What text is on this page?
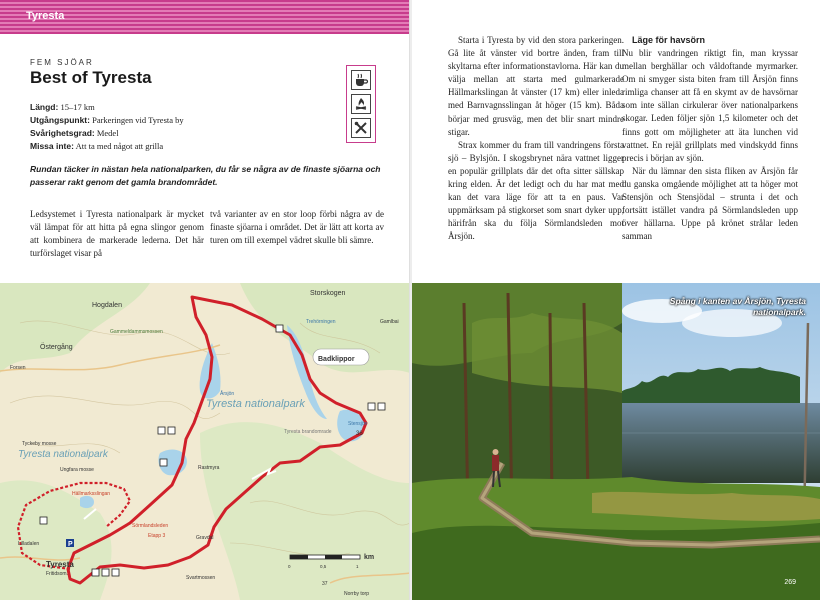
Tyresta
FEM SJÖAR
Best of Tyresta
Längd: 15–17 km
Utgångspunkt: Parkeringen vid Tyresta by
Svårighetsgrad: Medel
Missa inte: Att ta med något att grilla
Rundan täcker in nästan hela nationalparken, du får se några av de finaste sjöarna och passerar rakt genom det gamla brandområdet.

Ledsystemet i Tyresta nationalpark är mycket väl lämpat för att hitta på egna slingor genom att kombinera de markerade lederna. Det här turförslaget visar på

två varianter av en stor loop förbi några av de finaste sjöarna i området. Det är lätt att korta av turen om till exempel vädret skulle bli sämre.

P
Storskogen
Hogdalen
Östergång
Gammeldammsmossen
Forsen
Trehörningen
Årsjön
Tyresta nationalpark
Tyresta nationalpark
Badklippor
Stensjön
36
Tyckeby mosse
Ungfara mosse
Hällmarksslingan
Lilladalen
Tyresta
Fritidsom.
Sörmlandsleden
Etapp 3
Tyresta brandomrade
Rastmyra
Gravdal
Gamlbai
Norrby torp
Svartmossen
km
0	0,5	1
37

Starta i Tyresta by vid den stora parkeringen. Gå lite åt vänster vid bortre änden, fram till skyltarna efter informationstavlorna. Här kan du välja mellan att starta med gulmarkerade Hällmarkslingan åt vänster (17 km) eller inleda med Barnvagnsslingan åt höger (15 km). Båda börjar med grusväg, men det blir snart mindre stigar.

Strax kommer du fram till vandringens första sjö – Bylsjön. I skogsbrynet nära vattnet ligger en populär grillplats där det ofta sitter sällskap kring elden. Är det ledigt och du har mat med kan det vara läge för att ta en paus. Var uppmärksam på stigkorset som snart dyker upp, härifrån ska du följa Sörmlandsleden mot Årsjön.

Läge för havsörn

Nu blir vandringen riktigt fin, man kryssar mellan berghällar och våldoftande myrmarker. Om ni smyger sista biten fram till Årsjön finns rimliga chanser att få en skymt av de havsörnar som inte sällan cirkulerar över nationalparkens skogar. Leden följer sjön 1,5 kilometer och det finns gott om möjligheter att äta lunchen vid vattnet. En rejäl grillplats med vindskydd finns precis i början av sjön.

När du lämnar den sista fliken av Årsjön får du ganska omgående möjlighet att ta höger mot Stensjön och Stensjödal – strunta i det och fortsätt istället vandra på Sörmlandsleden upp över hällarna. Uppe på krönet strålar leden samman

Spång i kanten av Årsjön, Tyresta nationalpark.
269
